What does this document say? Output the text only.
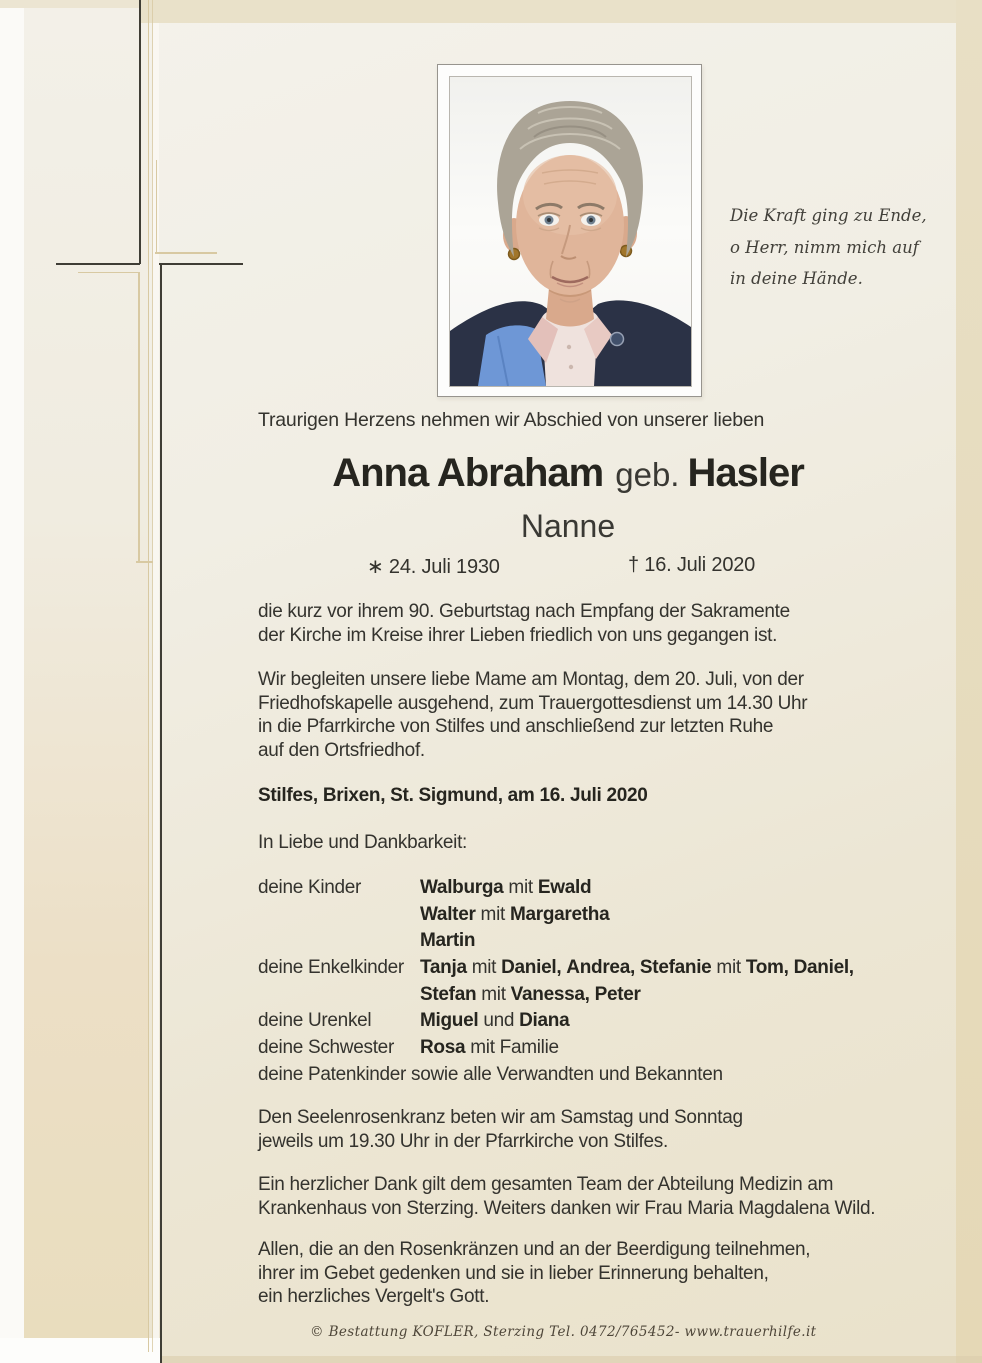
Die Kraft ging zu Ende,
o Herr, nimm mich auf
in deine Hände.
Traurigen Herzens nehmen wir Abschied von unserer lieben
Anna Abraham geb. Hasler
Nanne
∗ 24. Juli 1930	† 16. Juli 2020
die kurz vor ihrem 90. Geburtstag nach Empfang der Sakramente
der Kirche im Kreise ihrer Lieben friedlich von uns gegangen ist.
Wir begleiten unsere liebe Mame am Montag, dem 20. Juli, von der
Friedhofskapelle ausgehend, zum Trauergottesdienst um 14.30 Uhr
in die Pfarrkirche von Stilfes und anschließend zur letzten Ruhe
auf den Ortsfriedhof.
Stilfes, Brixen, St. Sigmund, am 16. Juli 2020
In Liebe und Dankbarkeit:
deine Kinder	Walburga mit Ewald
Walter mit Margaretha
Martin
deine Enkelkinder Tanja mit Daniel, Andrea, Stefanie mit Tom, Daniel,
Stefan mit Vanessa, Peter
deine Urenkel	Miguel und Diana
deine Schwester Rosa mit Familie
deine Patenkinder sowie alle Verwandten und Bekannten
Den Seelenrosenkranz beten wir am Samstag und Sonntag
jeweils um 19.30 Uhr in der Pfarrkirche von Stilfes.
Ein herzlicher Dank gilt dem gesamten Team der Abteilung Medizin am
Krankenhaus von Sterzing. Weiters danken wir Frau Maria Magdalena Wild.
Allen, die an den Rosenkränzen und an der Beerdigung teilnehmen,
ihrer im Gebet gedenken und sie in lieber Erinnerung behalten,
ein herzliches Vergelt's Gott.
© Bestattung KOFLER, Sterzing Tel. 0472/765452- www.trauerhilfe.it
